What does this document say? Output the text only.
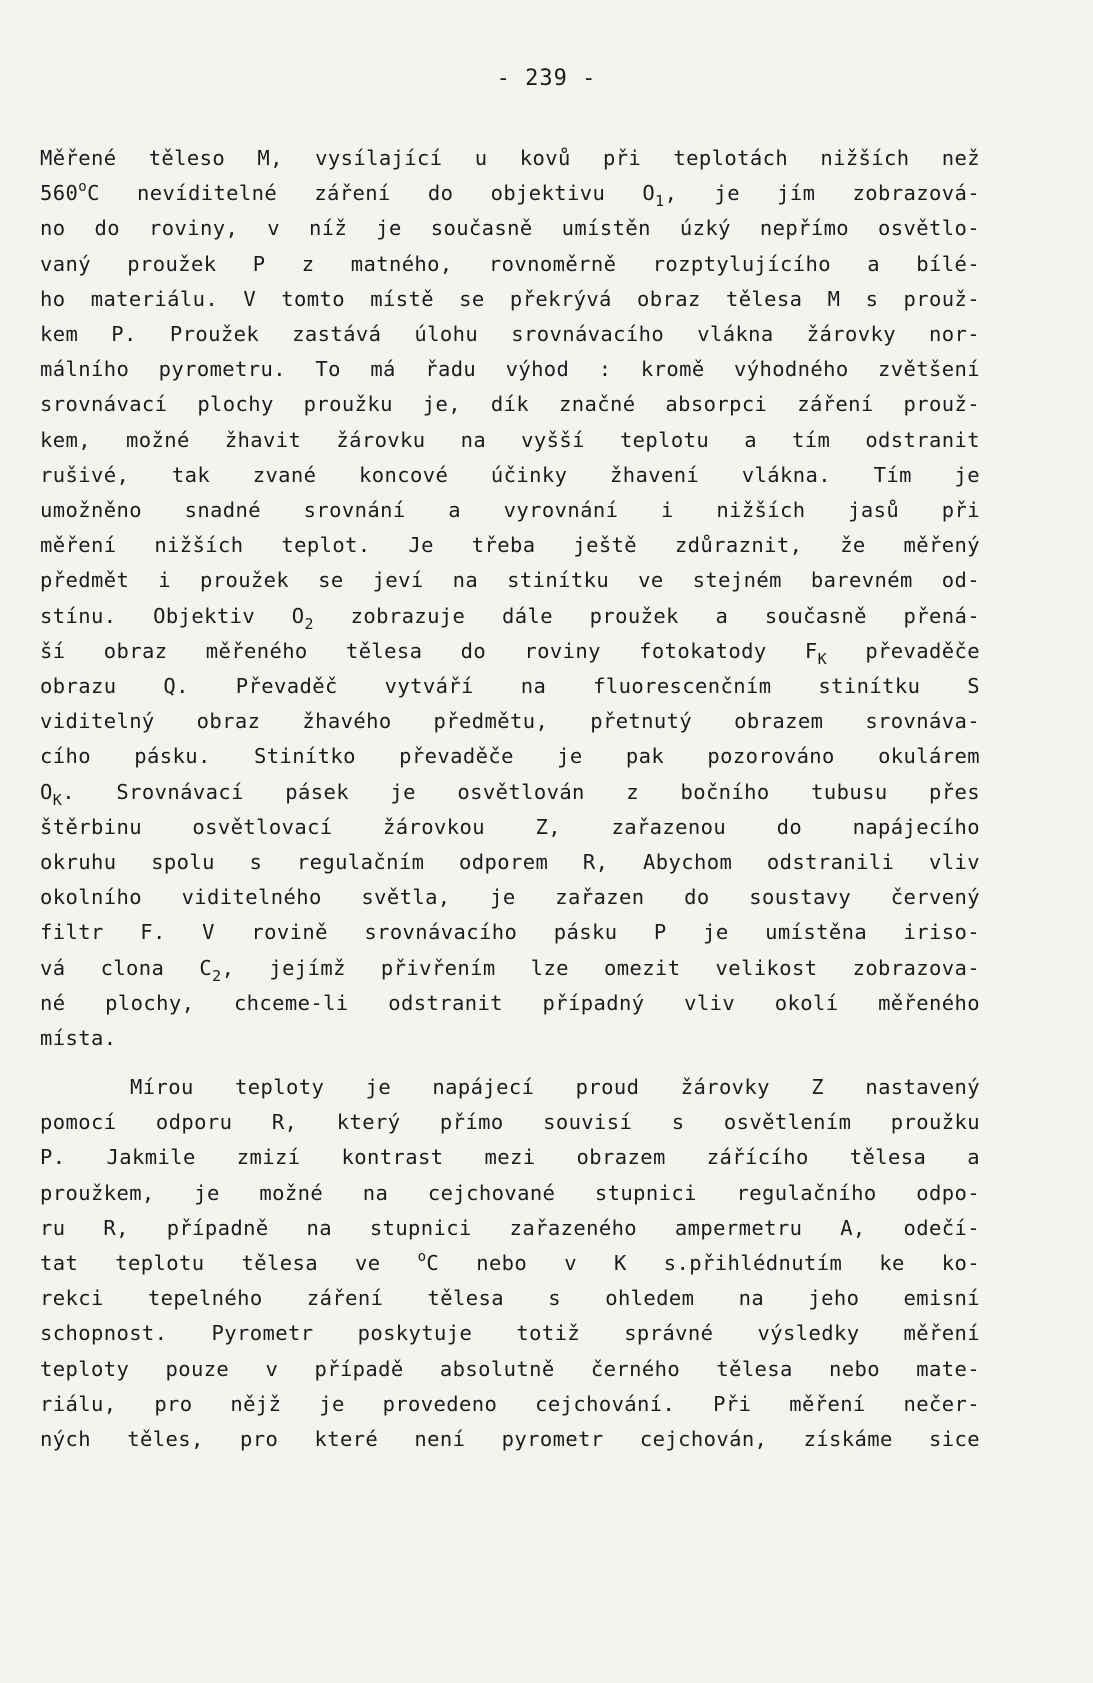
- 239 -
Měřené těleso M, vysílající u kovů při teplotách nižších než
560$^o$C nevíditelné záření do objektivu $O_1$, je jím zobrazová-
no do roviny, v níž je současně umístěn úzký nepřímo osvětlo-
vaný proužek P z matného, rovnoměrně rozptylujícího a bílé-
ho materiálu. V tomto místě se překrývá obraz tělesa M s prouž-
kem P. Proužek zastává úlohu srovnávacího vlákna žárovky nor-
málního pyrometru. To má řadu výhod : kromě výhodného zvětšení
srovnávací plochy proužku je, dík značné absorpci záření prouž-
kem, možné žhavit žárovku na vyšší teplotu a tím odstranit
rušivé, tak zvané koncové účinky žhavení vlákna. Tím je
umožněno snadné srovnání a vyrovnání i nižších jasů při
měření nižších teplot. Je třeba ještě zdůraznit, že měřený
předmět i proužek se jeví na stinítku ve stejném barevném od-
stínu. Objektiv $O_2$ zobrazuje dále proužek a současně přená-
ší obraz měřeného tělesa do roviny fotokatody $F_K$ převaděče
obrazu Q. Převaděč vytváří na fluorescenčním stinítku S
viditelný obraz žhavého předmětu, přetnutý obrazem srovnáva-
cího pásku. Stinítko převaděče je pak pozorováno okulárem
$O_K$. Srovnávací pásek je osvětlován z bočního tubusu přes
štěrbinu osvětlovací žárovkou Z, zařazenou do napájecího
okruhu spolu s regulačním odporem R, Abychom odstranili vliv
okolního viditelného světla, je zařazen do soustavy červený
filtr F. V rovině srovnávacího pásku P je umístěna iriso-
vá clona $C_2$, jejímž přivřením lze omezit velikost zobrazova-
né plochy, chceme-li odstranit případný vliv okolí měřeného
místa.
Mírou teploty je napájecí proud žárovky Z nastavený
pomocí odporu R, který přímo souvisí s osvětlením proužku
P. Jakmile zmizí kontrast mezi obrazem zářícího tělesa a
proužkem, je možné na cejchované stupnici regulačního odpo-
ru R, případně na stupnici zařazeného ampermetru A, odečí-
tat teplotu tělesa ve $^o$C nebo v K s.přihlédnutím ke ko-
rekci tepelného záření tělesa s ohledem na jeho emisní
schopnost. Pyrometr poskytuje totiž správné výsledky měření
teploty pouze v případě absolutně černého tělesa nebo mate-
riálu, pro nějž je provedeno cejchování. Při měření nečer-
ných těles, pro které není pyrometr cejchován, získáme sice
